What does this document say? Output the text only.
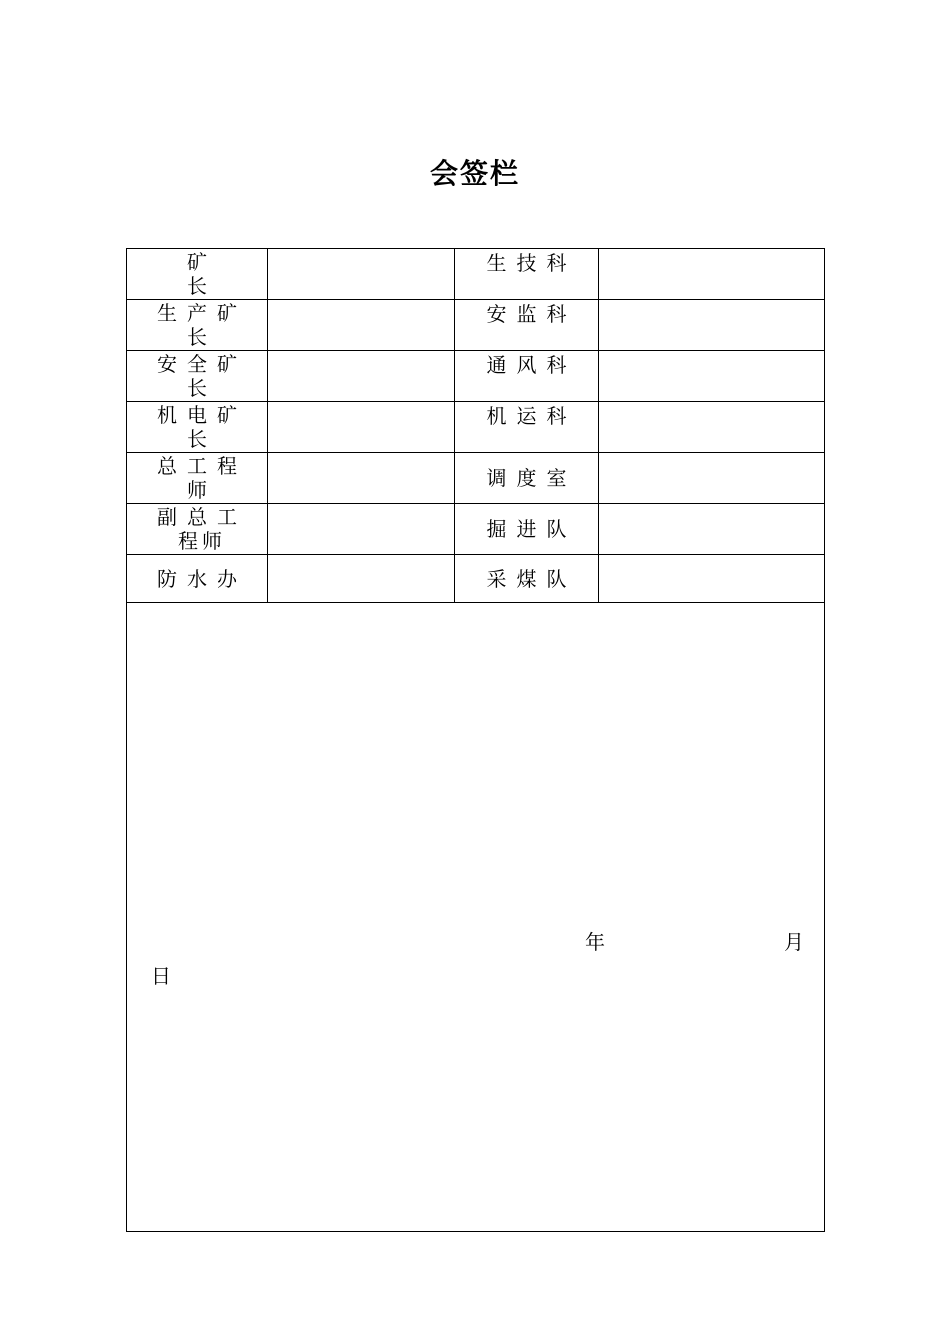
会签栏
矿
长		生技科	

生产矿
长		安监科	

安全矿
长		通风科	

机电矿
长		机运科	

总工程
师		调度室	

副总工
程师		掘进队	

防水办		采煤队	

年 月
日			
